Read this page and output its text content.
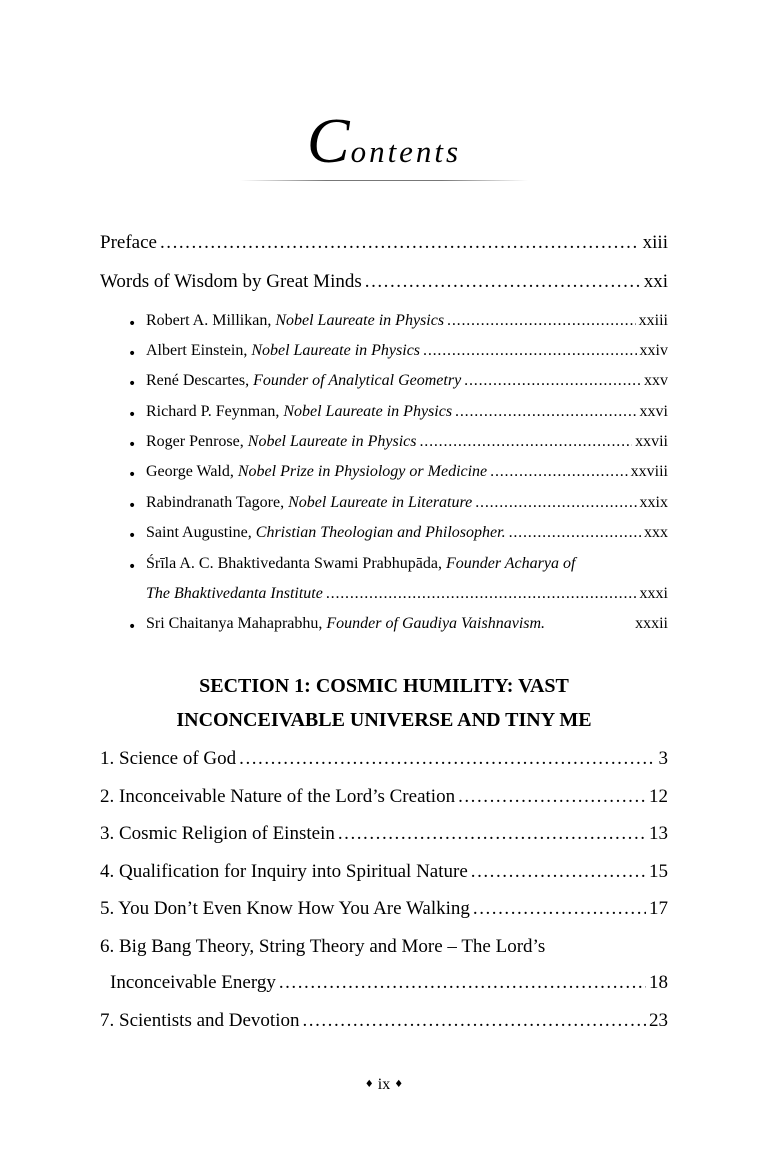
Contents
Preface . . .	xiii
Words of Wisdom by Great Minds . . .	xxi
• Robert A. Millikan, Nobel Laureate in Physics . . .	xxiii
• Albert Einstein, Nobel Laureate in Physics . . .	xxiv
• René Descartes, Founder of Analytical Geometry . . .	xxv
• Richard P. Feynman, Nobel Laureate in Physics . . .	xxvi
• Roger Penrose, Nobel Laureate in Physics . . .	xxvii
• George Wald, Nobel Prize in Physiology or Medicine . . .	xxviii
• Rabindranath Tagore, Nobel Laureate in Literature . . .	xxix
• Saint Augustine, Christian Theologian and Philosopher. . . .	xxx
• Śrīla A. C. Bhaktivedanta Swami Prabhupāda, Founder Acharya of
The Bhaktivedanta Institute . . .	xxxi
• Sri Chaitanya Mahaprabhu, Founder of Gaudiya Vaishnavism.	xxxii
SECTION 1: COSMIC HUMILITY: VAST
INCONCEIVABLE UNIVERSE AND TINY ME
1. Science of God . . .	3
2. Inconceivable Nature of the Lord’s Creation . . .	12
3. Cosmic Religion of Einstein . . .	13
4. Qualification for Inquiry into Spiritual Nature . . .	15
5. You Don’t Even Know How You Are Walking . . .	17
6. Big Bang Theory, String Theory and More – The Lord’s
Inconceivable Energy . . .	18
7. Scientists and Devotion . . .	23
♦ ix ♦
